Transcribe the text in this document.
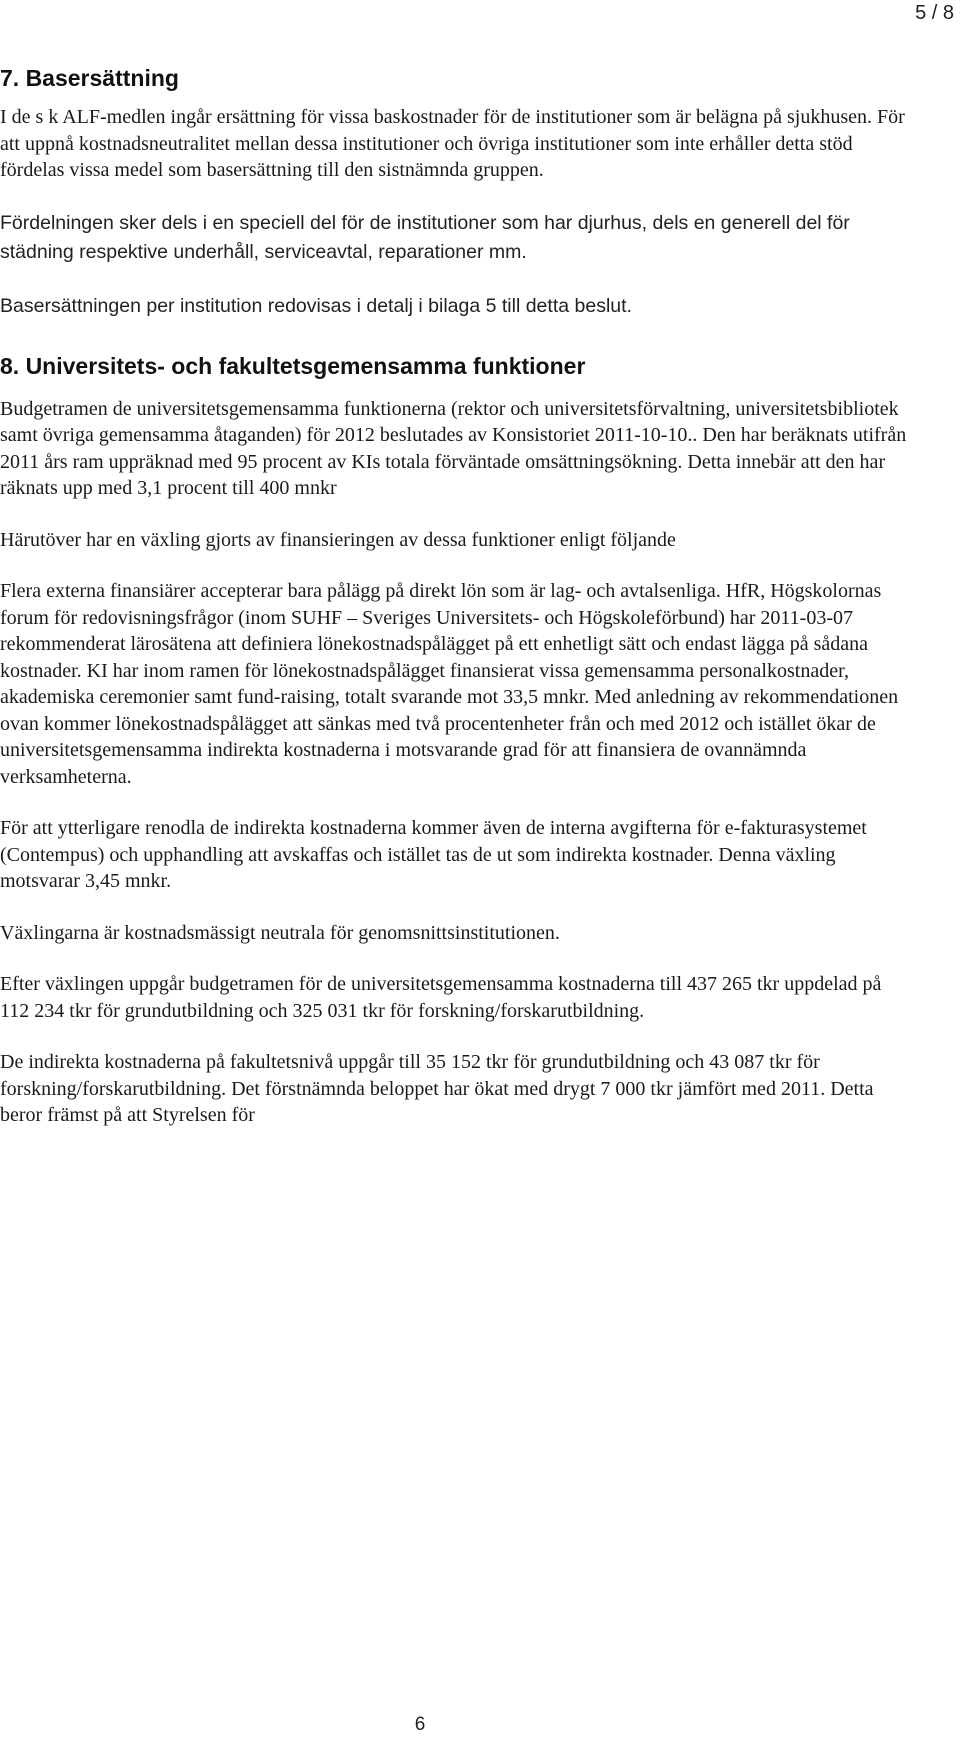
5 / 8
7. Basersättning

I de s k ALF-medlen ingår ersättning för vissa baskostnader för de institutioner som är belägna på sjukhusen. För att uppnå kostnadsneutralitet mellan dessa institutioner och övriga institutioner som inte erhåller detta stöd fördelas vissa medel som basersättning till den sistnämnda gruppen.

Fördelningen sker dels i en speciell del för de institutioner som har djurhus, dels en generell del för städning respektive underhåll, serviceavtal, reparationer mm.

Basersättningen per institution redovisas i detalj i bilaga 5 till detta beslut.

8. Universitets- och fakultetsgemensamma funktioner

Budgetramen de universitetsgemensamma funktionerna (rektor och universitetsförvaltning, universitetsbibliotek samt övriga gemensamma åtaganden) för 2012 beslutades av Konsistoriet 2011-10-10.. Den har beräknats utifrån 2011 års ram uppräknad med 95 procent av KIs totala förväntade omsättningsökning. Detta innebär att den har räknats upp med 3,1 procent till 400 mnkr

Härutöver har en växling gjorts av finansieringen av dessa funktioner enligt följande

Flera externa finansiärer accepterar bara pålägg på direkt lön som är lag- och avtalsenliga. HfR, Högskolornas forum för redovisningsfrågor (inom SUHF – Sveriges Universitets- och Högskoleförbund) har 2011-03-07 rekommenderat lärosätena att definiera lönekostnadspålägget på ett enhetligt sätt och endast lägga på sådana kostnader. KI har inom ramen för lönekostnadspålägget finansierat vissa gemensamma personalkostnader, akademiska ceremonier samt fund-raising, totalt svarande mot 33,5 mnkr. Med anledning av rekommendationen ovan kommer lönekostnadspålägget att sänkas med två procentenheter från och med 2012 och istället ökar de universitetsgemensamma indirekta kostnaderna i motsvarande grad för att finansiera de ovannämnda verksamheterna.

För att ytterligare renodla de indirekta kostnaderna kommer även de interna avgifterna för e-fakturasystemet (Contempus) och upphandling att avskaffas och istället tas de ut som indirekta kostnader. Denna växling motsvarar 3,45 mnkr.

Växlingarna är kostnadsmässigt neutrala för genomsnittsinstitutionen.

Efter växlingen uppgår budgetramen för de universitetsgemensamma kostnaderna till 437 265 tkr uppdelad på 112 234 tkr för grundutbildning och 325 031 tkr för forskning/forskarutbildning.

De indirekta kostnaderna på fakultetsnivå uppgår till 35 152 tkr för grundutbildning och 43 087 tkr för forskning/forskarutbildning. Det förstnämnda beloppet har ökat med drygt 7 000 tkr jämfört med 2011. Detta beror främst på att Styrelsen för

6
